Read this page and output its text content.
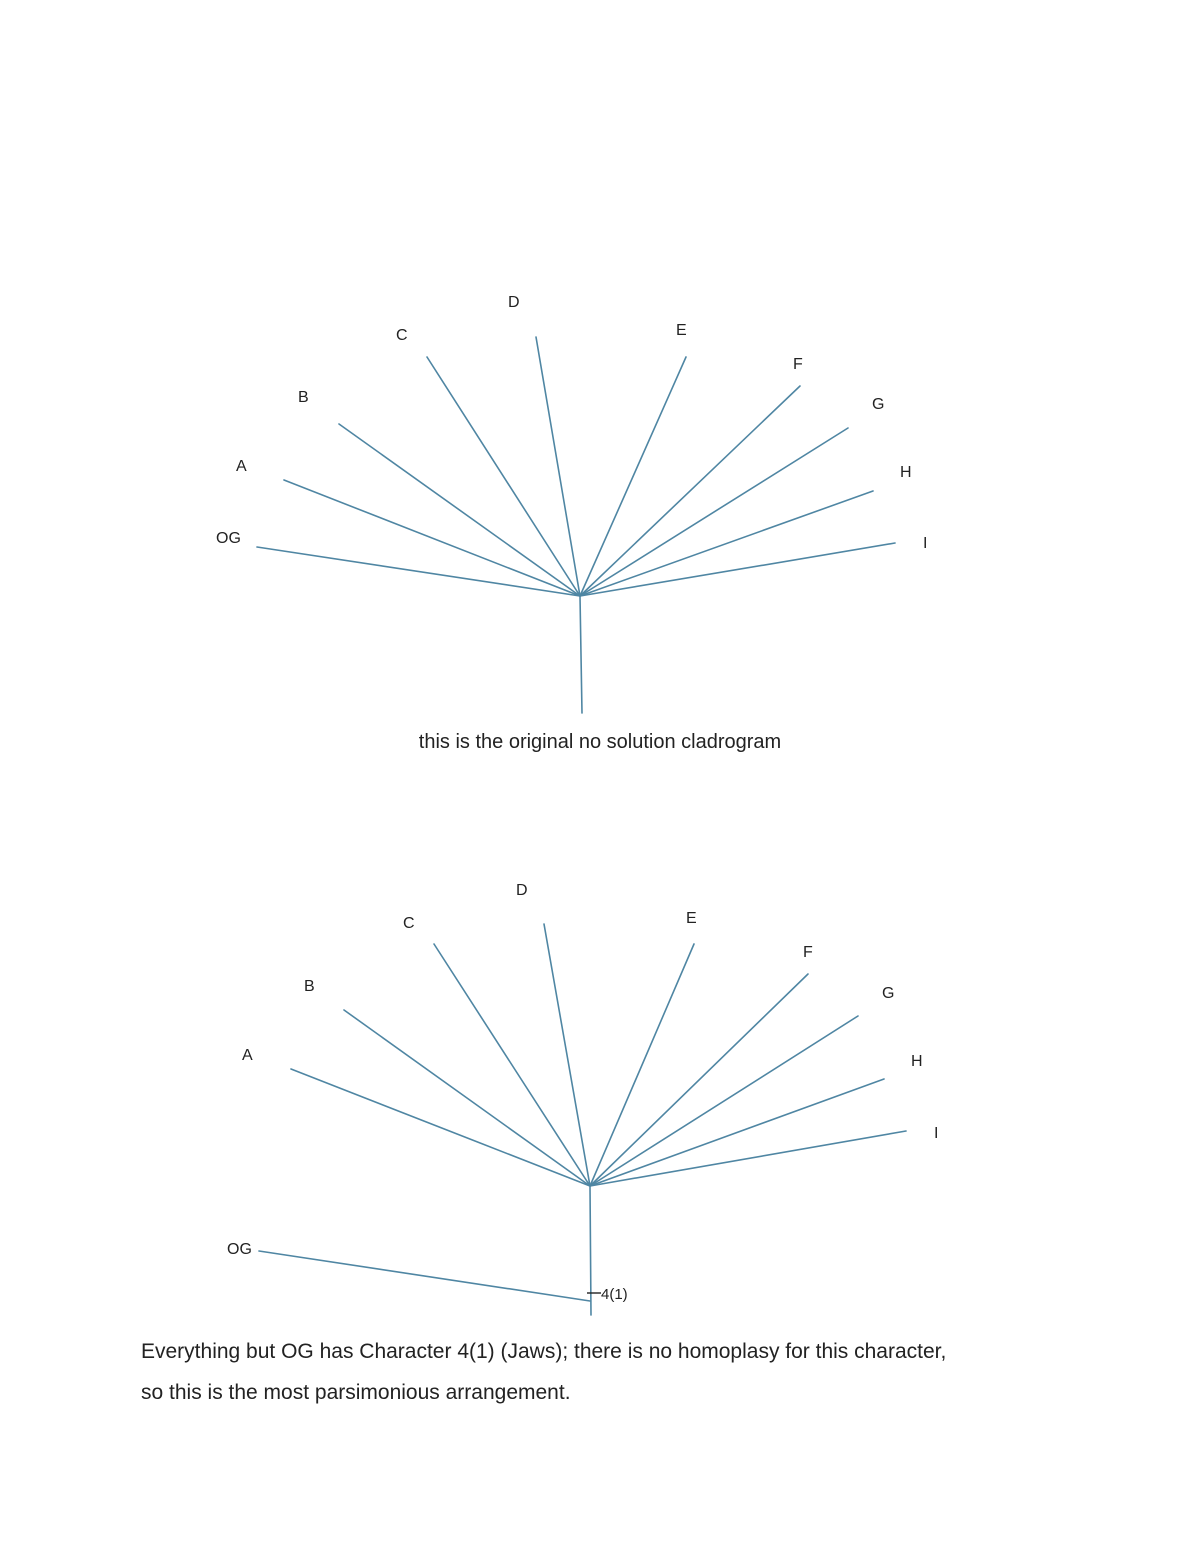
OG
A
B
C
D
E
F
G
H
I
A
B
C
D
E
F
G
H
I
OG
4(1)
this is the original no solution cladrogram
Everything but OG has Character 4(1) (Jaws); there is no homoplasy for this character,
so this is the most parsimonious arrangement.
